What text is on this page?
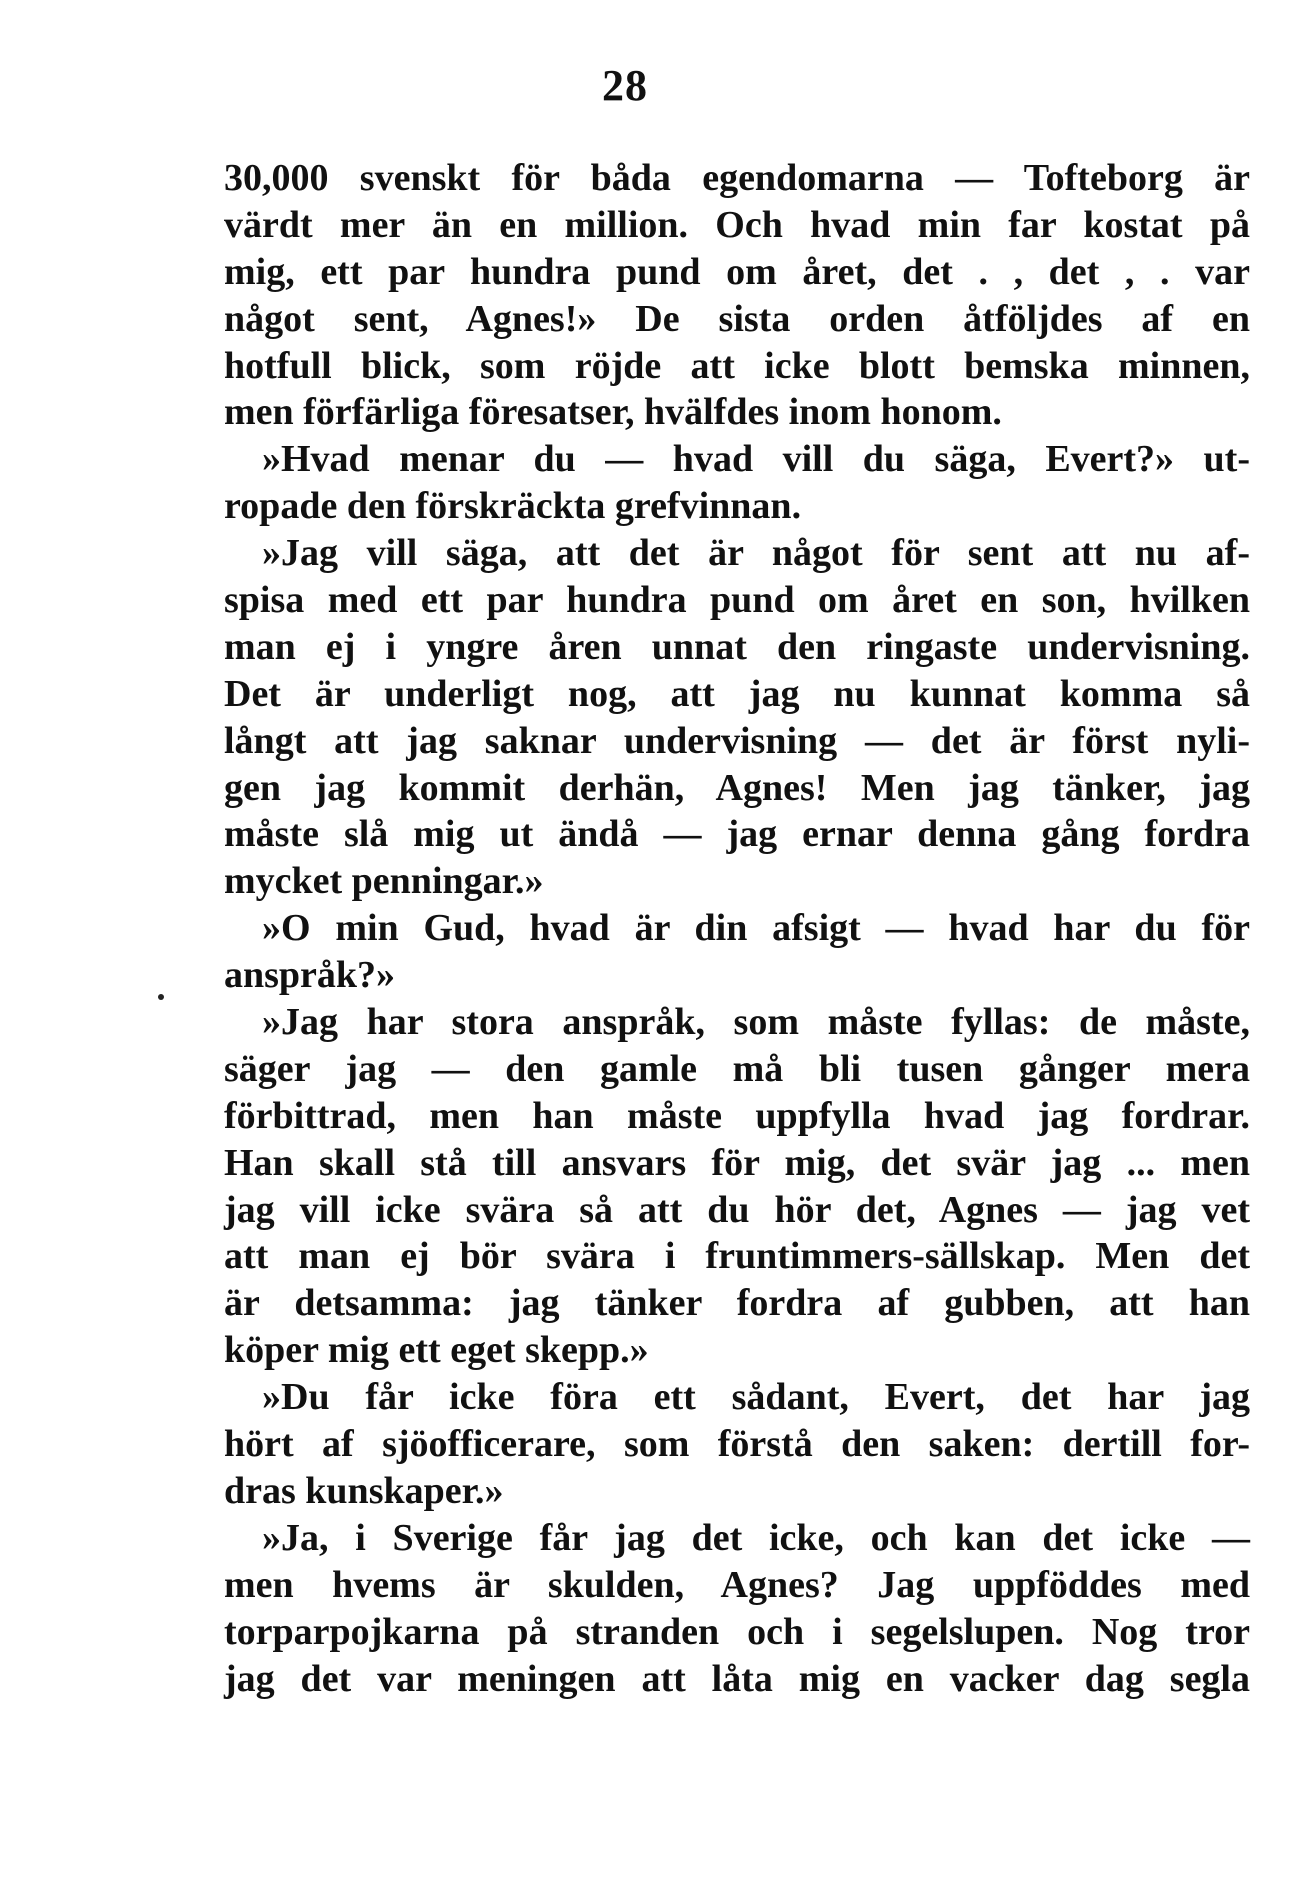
28
30,000 svenskt för båda egendomarna — Tofteborg är
värdt mer än en million. Och hvad min far kostat på
mig, ett par hundra pund om året, det . , det , . var
något sent, Agnes!» De sista orden åtföljdes af en
hotfull blick, som röjde att icke blott bemska minnen,
men förfärliga föresatser, hvälfdes inom honom.
»Hvad menar du — hvad vill du säga, Evert?» ut-
ropade den förskräckta grefvinnan.
»Jag vill säga, att det är något för sent att nu af-
spisa med ett par hundra pund om året en son, hvilken
man ej i yngre åren unnat den ringaste undervisning.
Det är underligt nog, att jag nu kunnat komma så
långt att jag saknar undervisning — det är först nyli-
gen jag kommit derhän, Agnes! Men jag tänker, jag
måste slå mig ut ändå — jag ernar denna gång fordra
mycket penningar.»
»O min Gud, hvad är din afsigt — hvad har du för
anspråk?»
»Jag har stora anspråk, som måste fyllas: de måste,
säger jag — den gamle må bli tusen gånger mera
förbittrad, men han måste uppfylla hvad jag fordrar.
Han skall stå till ansvars för mig, det svär jag ... men
jag vill icke svära så att du hör det, Agnes — jag vet
att man ej bör svära i fruntimmers-sällskap. Men det
är detsamma: jag tänker fordra af gubben, att han
köper mig ett eget skepp.»
»Du får icke föra ett sådant, Evert, det har jag
hört af sjöofficerare, som förstå den saken: dertill for-
dras kunskaper.»
»Ja, i Sverige får jag det icke, och kan det icke —
men hvems är skulden, Agnes? Jag uppföddes med
torparpojkarna på stranden och i segelslupen. Nog tror
jag det var meningen att låta mig en vacker dag segla
